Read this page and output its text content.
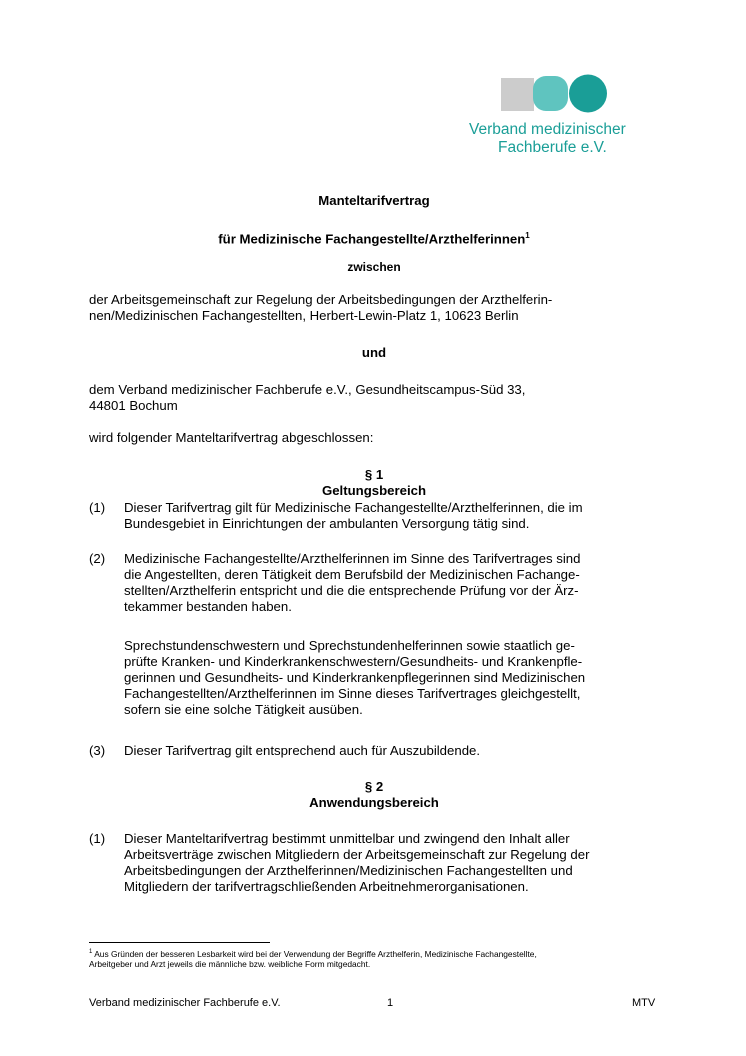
Verband medizinischer
Fachberufe e.V.
Manteltarifvertrag
für Medizinische Fachangestellte/Arzthelferinnen$^1$
zwischen
der Arbeitsgemeinschaft zur Regelung der Arbeitsbedingungen der Arzthelferin-
nen/Medizinischen Fachangestellten, Herbert-Lewin-Platz 1, 10623 Berlin
und
dem Verband medizinischer Fachberufe e.V., Gesundheitscampus-Süd 33,
44801 Bochum
wird folgender Manteltarifvertrag abgeschlossen:
§ 1
Geltungsbereich
(1) Dieser Tarifvertrag gilt für Medizinische Fachangestellte/Arzthelferinnen, die im
Bundesgebiet in Einrichtungen der ambulanten Versorgung tätig sind.
(2) Medizinische Fachangestellte/Arzthelferinnen im Sinne des Tarifvertrages sind
die Angestellten, deren Tätigkeit dem Berufsbild der Medizinischen Fachange-
stellten/Arzthelferin entspricht und die die entsprechende Prüfung vor der Ärz-
tekammer bestanden haben.
Sprechstundenschwestern und Sprechstundenhelferinnen sowie staatlich ge-
prüfte Kranken- und Kinderkrankenschwestern/Gesundheits- und Krankenpfle-
gerinnen und Gesundheits- und Kinderkrankenpflegerinnen sind Medizinischen
Fachangestellten/Arzthelferinnen im Sinne dieses Tarifvertrages gleichgestellt,
sofern sie eine solche Tätigkeit ausüben.
(3) Dieser Tarifvertrag gilt entsprechend auch für Auszubildende.
§ 2
Anwendungsbereich
(1) Dieser Manteltarifvertrag bestimmt unmittelbar und zwingend den Inhalt aller
Arbeitsverträge zwischen Mitgliedern der Arbeitsgemeinschaft zur Regelung der
Arbeitsbedingungen der Arzthelferinnen/Medizinischen Fachangestellten und
Mitgliedern der tarifvertragschließenden Arbeitnehmerorganisationen.
$^1$ Aus Gründen der besseren Lesbarkeit wird bei der Verwendung der Begriffe Arzthelferin, Medizinische Fachangestellte,
Arbeitgeber und Arzt jeweils die männliche bzw. weibliche Form mitgedacht.
Verband medizinischer Fachberufe e.V.	1	MTV
